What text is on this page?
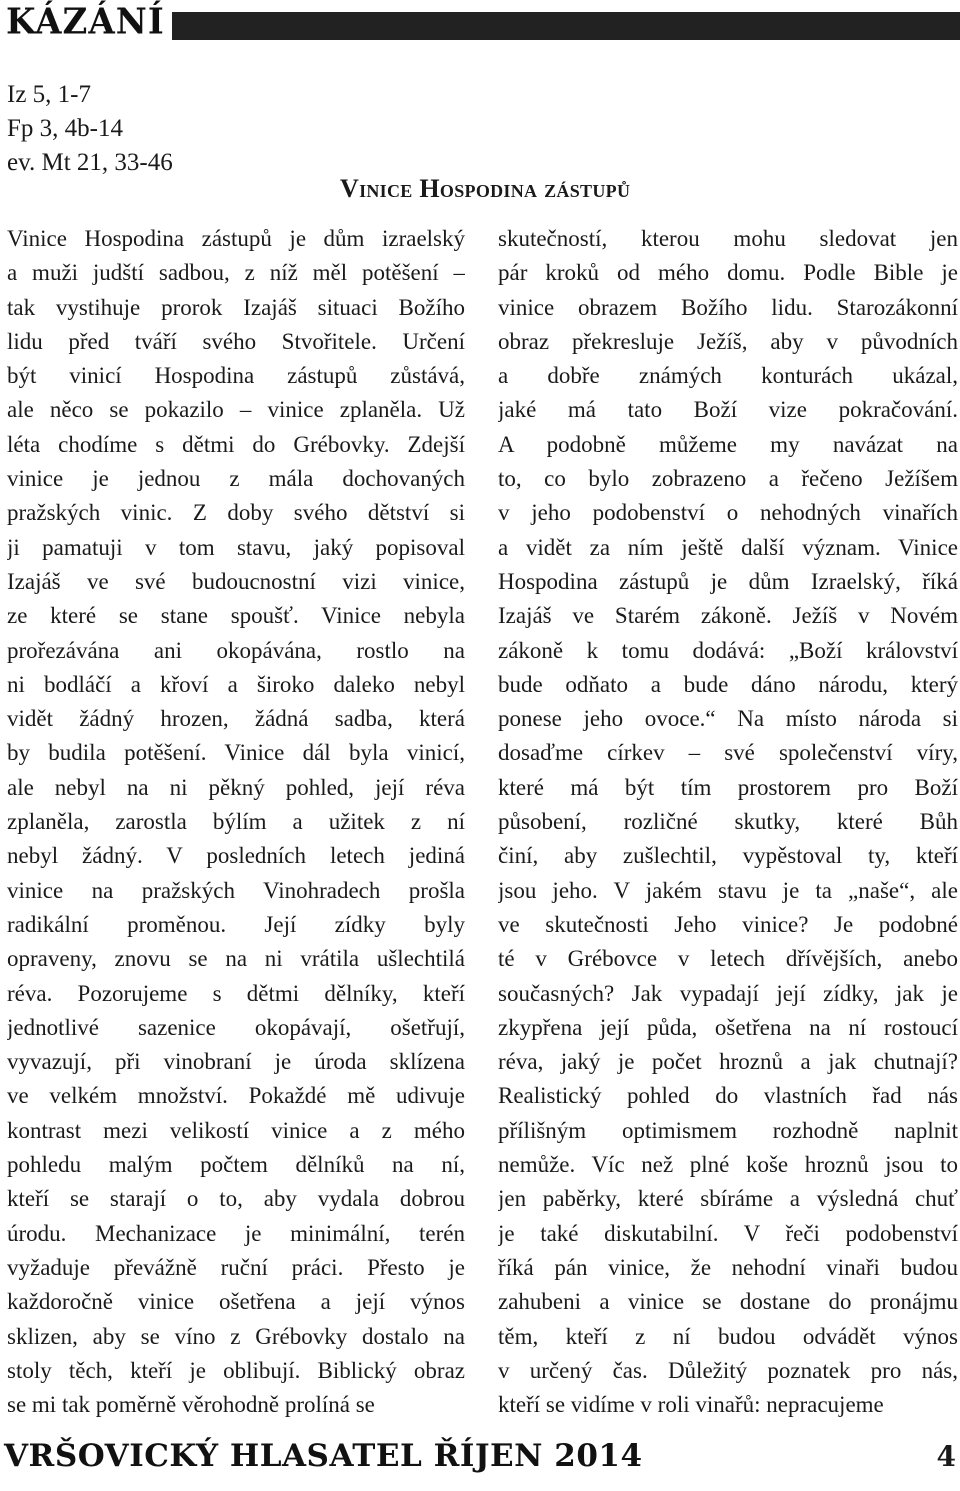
KÁZÁNÍ
Iz 5, 1-7
Fp 3, 4b-14
ev. Mt 21, 33-46
Vinice Hospodina zástupů
Vinice Hospodina zástupů je dům izraelský
a muži judští sadbou, z níž měl potěšení –
tak vystihuje prorok Izajáš situaci Božího
lidu před tváří svého Stvořitele. Určení
být vinicí Hospodina zástupů zůstává,
ale něco se pokazilo – vinice zplaněla. Už
léta chodíme s dětmi do Grébovky. Zdejší
vinice je jednou z mála dochovaných
pražských vinic. Z doby svého dětství si
ji pamatuji v tom stavu, jaký popisoval
Izajáš ve své budoucnostní vizi vinice,
ze které se stane spoušť. Vinice nebyla
prořezávána ani okopávána, rostlo na
ni bodláčí a křoví a široko daleko nebyl
vidět žádný hrozen, žádná sadba, která
by budila potěšení. Vinice dál byla vinicí,
ale nebyl na ni pěkný pohled, její réva
zplaněla, zarostla býlím a užitek z ní
nebyl žádný. V posledních letech jediná
vinice na pražských Vinohradech prošla
radikální proměnou. Její zídky byly
opraveny, znovu se na ni vrátila ušlechtilá
réva. Pozorujeme s dětmi dělníky, kteří
jednotlivé sazenice okopávají, ošetřují,
vyvazují, při vinobraní je úroda sklízena
ve velkém množství. Pokaždé mě udivuje
kontrast mezi velikostí vinice a z mého
pohledu malým počtem dělníků na ní,
kteří se starají o to, aby vydala dobrou
úrodu. Mechanizace je minimální, terén
vyžaduje převážně ruční práci. Přesto je
každoročně vinice ošetřena a její výnos
sklizen, aby se víno z Grébovky dostalo na
stoly těch, kteří je oblibují. Biblický obraz
se mi tak poměrně věrohodně prolíná se
skutečností, kterou mohu sledovat jen
pár kroků od mého domu. Podle Bible je
vinice obrazem Božího lidu. Starozákonní
obraz překresluje Ježíš, aby v původních
a dobře známých konturách ukázal,
jaké má tato Boží vize pokračování.
A podobně můžeme my navázat na
to, co bylo zobrazeno a řečeno Ježíšem
v jeho podobenství o nehodných vinařích
a vidět za ním ještě další význam. Vinice
Hospodina zástupů je dům Izraelský, říká
Izajáš ve Starém zákoně. Ježíš v Novém
zákoně k tomu dodává: „Boží království
bude odňato a bude dáno národu, který
ponese jeho ovoce.“ Na místo národa si
dosaďme církev – své společenství víry,
které má být tím prostorem pro Boží
působení, rozličné skutky, které Bůh
činí, aby zušlechtil, vypěstoval ty, kteří
jsou jeho. V jakém stavu je ta „naše“, ale
ve skutečnosti Jeho vinice? Je podobné
té v Grébovce v letech dřívějších, anebo
současných? Jak vypadají její zídky, jak je
zkypřena její půda, ošetřena na ní rostoucí
réva, jaký je počet hroznů a jak chutnají?
Realistický pohled do vlastních řad nás
přílišným optimismem rozhodně naplnit
nemůže. Víc než plné koše hroznů jsou to
jen paběrky, které sbíráme a výsledná chuť
je také diskutabilní. V řeči podobenství
říká pán vinice, že nehodní vinaři budou
zahubeni a vinice se dostane do pronájmu
těm, kteří z ní budou odvádět výnos
v určený čas. Důležitý poznatek pro nás,
kteří se vidíme v roli vinařů: nepracujeme
VRŠOVICKÝ HLASATEL ŘÍJEN 2014	4
